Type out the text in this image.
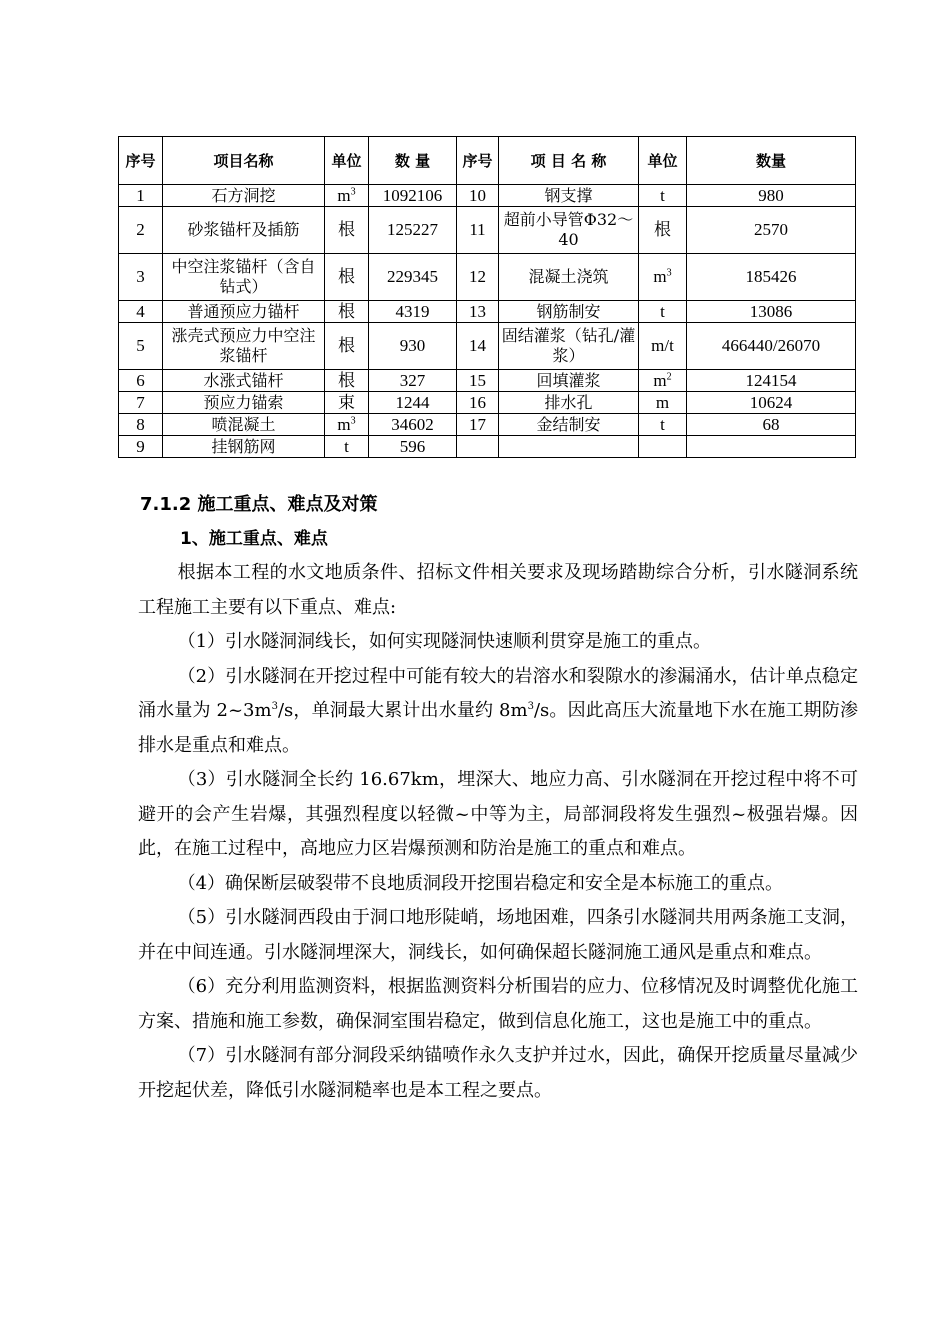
序号	项目名称	单位	数 量	序号	项 目 名 称	单位	数量
1	石方洞挖	$m^3$	1092106	10	钢支撑	t	980
2	砂浆锚杆及插筋	根	125227	11	超前小导管Φ32～40	根	2570
3	中空注浆锚杆（含自钻式）	根	229345	12	混凝土浇筑	$m^3$	185426
4	普通预应力锚杆	根	4319	13	钢筋制安	t	13086
5	涨壳式预应力中空注浆锚杆	根	930	14	固结灌浆（钻孔/灌浆）	m/t	466440/26070
6	水涨式锚杆	根	327	15	回填灌浆	$m^2$	124154
7	预应力锚索	束	1244	16	排水孔	m	10624
8	喷混凝土	$m^3$	34602	17	金结制安	t	68
9	挂钢筋网	t	596				
7.1.2 施工重点、难点及对策
1、施工重点、难点

根据本工程的水文地质条件、招标文件相关要求及现场踏勘综合分析，引水隧洞系统工程施工主要有以下重点、难点:

（1）引水隧洞洞线长，如何实现隧洞快速顺利贯穿是施工的重点。

（2）引水隧洞在开挖过程中可能有较大的岩溶水和裂隙水的渗漏涌水，估计单点稳定涌水量为 $2\sim 3m^3/s$，单洞最大累计出水量约 $8m^3/s$。因此高压大流量地下水在施工期防渗排水是重点和难点。

（3）引水隧洞全长约 16.67km，埋深大、地应力高、引水隧洞在开挖过程中将不可避开的会产生岩爆，其强烈程度以轻微~中等为主，局部洞段将发生强烈~极强岩爆。因此，在施工过程中，高地应力区岩爆预测和防治是施工的重点和难点。

（4）确保断层破裂带不良地质洞段开挖围岩稳定和安全是本标施工的重点。

（5）引水隧洞西段由于洞口地形陡峭，场地困难，四条引水隧洞共用两条施工支洞，并在中间连通。引水隧洞埋深大，洞线长，如何确保超长隧洞施工通风是重点和难点。

（6）充分利用监测资料，根据监测资料分析围岩的应力、位移情况及时调整优化施工方案、措施和施工参数，确保洞室围岩稳定，做到信息化施工，这也是施工中的重点。

（7）引水隧洞有部分洞段采纳锚喷作永久支护并过水，因此，确保开挖质量尽量减少开挖起伏差，降低引水隧洞糙率也是本工程之要点。
